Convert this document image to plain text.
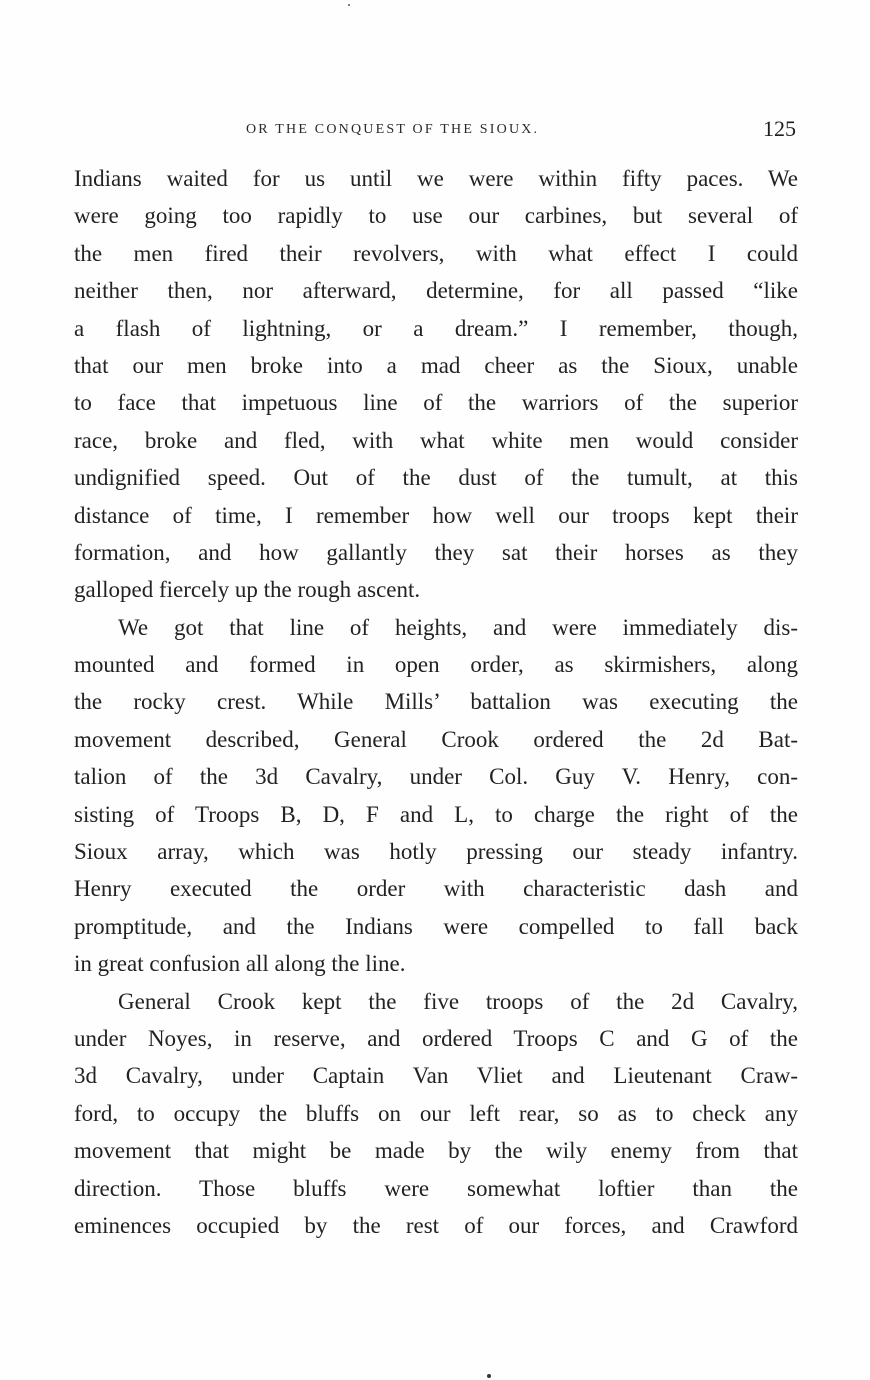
OR THE CONQUEST OF THE SIOUX.	125
Indians waited for us until we were within fifty paces. We
were going too rapidly to use our carbines, but several of
the men fired their revolvers, with what effect I could
neither then, nor afterward, determine, for all passed “like
a flash of lightning, or a dream.” I remember, though,
that our men broke into a mad cheer as the Sioux, unable
to face that impetuous line of the warriors of the superior
race, broke and fled, with what white men would consider
undignified speed. Out of the dust of the tumult, at this
distance of time, I remember how well our troops kept their
formation, and how gallantly they sat their horses as they
galloped fiercely up the rough ascent.
We got that line of heights, and were immediately dis-
mounted and formed in open order, as skirmishers, along
the rocky crest. While Mills’ battalion was executing the
movement described, General Crook ordered the 2d Bat-
talion of the 3d Cavalry, under Col. Guy V. Henry, con-
sisting of Troops B, D, F and L, to charge the right of the
Sioux array, which was hotly pressing our steady infantry.
Henry executed the order with characteristic dash and
promptitude, and the Indians were compelled to fall back
in great confusion all along the line.
General Crook kept the five troops of the 2d Cavalry,
under Noyes, in reserve, and ordered Troops C and G of the
3d Cavalry, under Captain Van Vliet and Lieutenant Craw-
ford, to occupy the bluffs on our left rear, so as to check any
movement that might be made by the wily enemy from that
direction. Those bluffs were somewhat loftier than the
eminences occupied by the rest of our forces, and Crawford
